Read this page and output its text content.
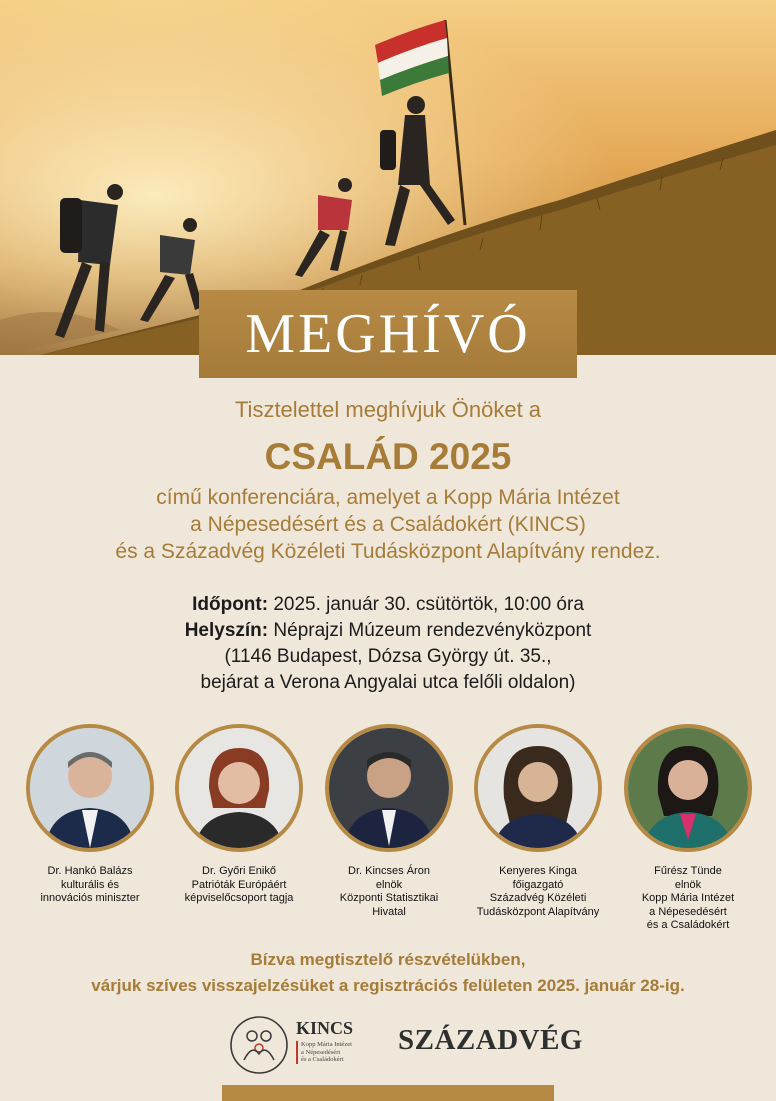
MEGHÍVÓ
Tisztelettel meghívjuk Önöket a
CSALÁD 2025
című konferenciára, amelyet a Kopp Mária Intézet
a Népesedésért és a Családokért (KINCS)
és a Századvég Közéleti Tudásközpont Alapítvány rendez.
Időpont: 2025. január 30. csütörtök, 10:00 óra
Helyszín: Néprajzi Múzeum rendezvényközpont
(1146 Budapest, Dózsa György út. 35.,
bejárat a Verona Angyalai utca felőli oldalon)
Dr. Hankó Balázs
kulturális és
innovációs miniszter
Dr. Győri Enikő
Patrióták Európáért
képviselőcsoport tagja
Dr. Kincses Áron
elnök
Központi Statisztikai
Hivatal
Kenyeres Kinga
főigazgató
Századvég Közéleti
Tudásközpont Alapítvány
Fűrész Tünde
elnök
Kopp Mária Intézet
a Népesedésért
és a Családokért
Bízva megtisztelő részvételükben,
várjuk szíves visszajelzésüket a regisztrációs felületen 2025. január 28-ig.
KINCS
Kopp Mária Intézet
a Népesedésért
és a Családokért
SZÁZADVÉG
